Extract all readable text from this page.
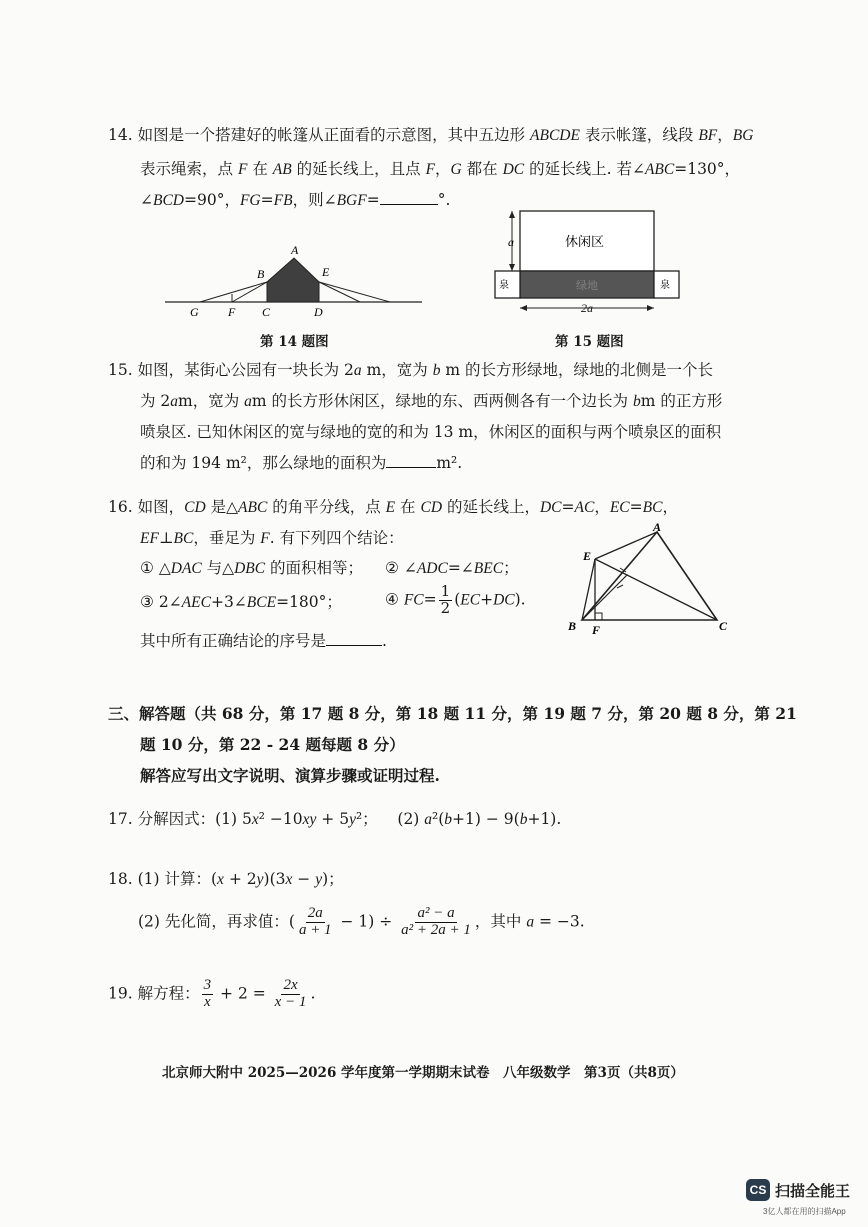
14. 如图是一个搭建好的帐篷从正面看的示意图，其中五边形 ABCDE 表示帐篷，线段 BF，BG
表示绳索，点 F 在 AB 的延长线上，且点 F，G 都在 DC 的延长线上. 若∠ABC=130°，
∠BCD=90°，FG=FB，则∠BGF=	°.
A
B	E
G F C	D
第 14 题图
a
2a
休闲区
泉	泉
绿地
第 15 题图
15. 如图，某街心公园有一块长为 2a m，宽为 b m 的长方形绿地，绿地的北侧是一个长
为 2am，宽为 am 的长方形休闲区，绿地的东、西两侧各有一个边长为 bm 的正方形
喷泉区. 已知休闲区的宽与绿地的宽的和为 13 m，休闲区的面积与两个喷泉区的面积
的和为 194 m²，那么绿地的面积为	m².
16. 如图，CD 是△ABC 的角平分线，点 E 在 CD 的延长线上，DC=AC，EC=BC，
EF⊥BC，垂足为 F. 有下列四个结论：
① △DAC 与△DBC 的面积相等； ② ∠ADC=∠BEC；
③ 2∠AEC+3∠BCE=180°；	④ $FC= \frac{1}{2} (EC+DC)$.
其中所有正确结论的序号是	.
A
E
B F	C
三、解答题（共 68 分，第 17 题 8 分，第 18 题 11 分，第 19 题 7 分，第 20 题 8 分，第 21
题 10 分，第 22 - 24 题每题 8 分）
解答应写出文字说明、演算步骤或证明过程.
17. 分解因式：(1) 5x² −10xy + 5y²； (2) a²(b+1) − 9(b+1).
18. (1) 计算：(x + 2y)(3x − y)；
(2) 先化简，再求值：( $\frac{2a}{a + 1} - 1) \div \frac{\text{a² − a}}{\text{a² + 2a + 1}}$ ，其中 a = −3.
19. 解方程： $\frac{3}{x} + 2 = \frac{2x}{x - 1}$ .
北京师大附中 2025—2026 学年度第一学期期末试卷　八年级数学　第3页（共8页）
CS 扫描全能王
3亿人都在用的扫描App
